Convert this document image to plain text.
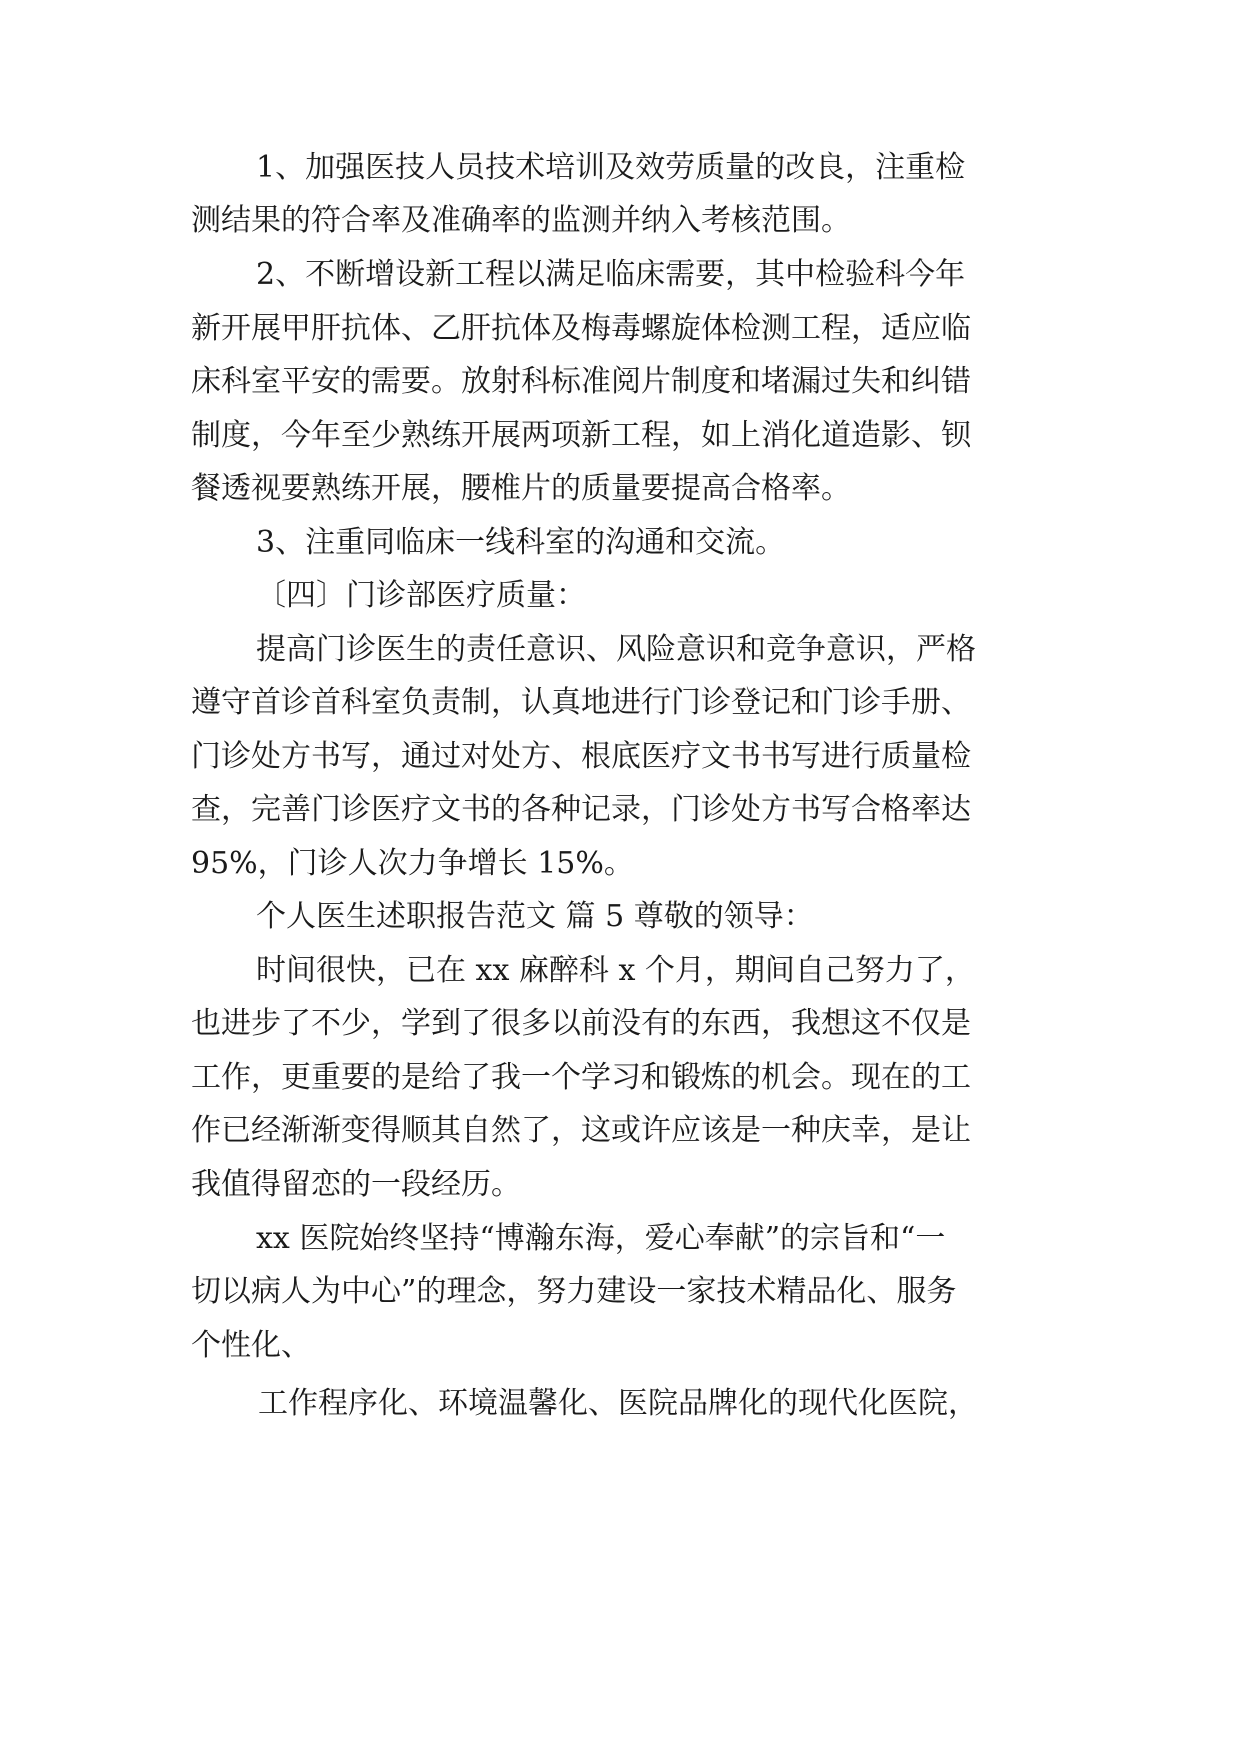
1、加强医技人员技术培训及效劳质量的改良，注重检

测结果的符合率及准确率的监测并纳入考核范围。

2、不断增设新工程以满足临床需要，其中检验科今年

新开展甲肝抗体、乙肝抗体及梅毒螺旋体检测工程，适应临

床科室平安的需要。放射科标准阅片制度和堵漏过失和纠错

制度，今年至少熟练开展两项新工程，如上消化道造影、钡

餐透视要熟练开展，腰椎片的质量要提高合格率。

3、注重同临床一线科室的沟通和交流。

〔四〕门诊部医疗质量：

提高门诊医生的责任意识、风险意识和竞争意识，严格

遵守首诊首科室负责制，认真地进行门诊登记和门诊手册、

门诊处方书写，通过对处方、根底医疗文书书写进行质量检

查，完善门诊医疗文书的各种记录，门诊处方书写合格率达

95%，门诊人次力争增长 15%。

个人医生述职报告范文 篇 5 尊敬的领导：

时间很快，已在 xx 麻醉科 x 个月，期间自己努力了，

也进步了不少，学到了很多以前没有的东西，我想这不仅是

工作，更重要的是给了我一个学习和锻炼的机会。现在的工

作已经渐渐变得顺其自然了，这或许应该是一种庆幸，是让

我值得留恋的一段经历。

xx 医院始终坚持“博瀚东海，爱心奉献”的宗旨和“一

切以病人为中心”的理念，努力建设一家技术精品化、服务

个性化、

工作程序化、环境温馨化、医院品牌化的现代化医院，
